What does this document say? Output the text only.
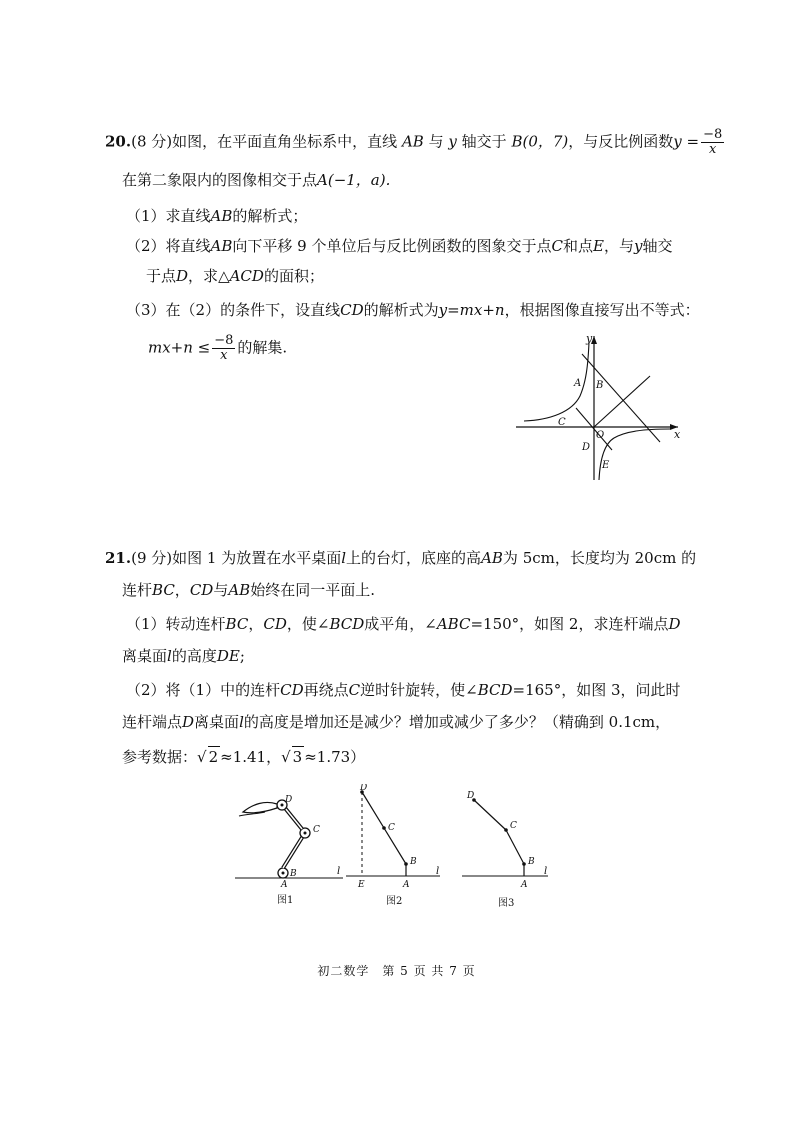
20.(8 分)如图，在平面直角坐标系中，直线 AB 与 y 轴交于 B(0，7)，与反比例函数$y = \frac{-8}{x}$
在第二象限内的图像相交于点A(−1，a).
（1）求直线AB的解析式；
（2）将直线AB向下平移 9 个单位后与反比例函数的图象交于点C和点E，与y轴交
于点D，求△ACD的面积；
（3）在（2）的条件下，设直线CD的解析式为y=mx+n，根据图像直接写出不等式：
$mx+n \le \frac{-8}{x}$ 的解集.	y
x
A B
C
O
D
E
21.(9 分)如图 1 为放置在水平桌面l上的台灯，底座的高AB为 5cm，长度均为 20cm 的
连杆BC，CD与AB始终在同一平面上.
（1）转动连杆BC，CD，使∠BCD成平角，∠ABC=150°，如图 2，求连杆端点D
离桌面l的高度DE;
（2）将（1）中的连杆CD再绕点C逆时针旋转，使∠BCD=165°，如图 3，问此时
连杆端点D离桌面l的高度是增加还是减少？增加或减少了多少？（精确到 0.1cm，
参考数据：√ 2 ≈1.41，√ 3 ≈1.73）
D
C
B
A
l
图1
D
C
B
E	A
l
图2
D
C
B
A
l
图3
初二数学　第 5 页 共 7 页
